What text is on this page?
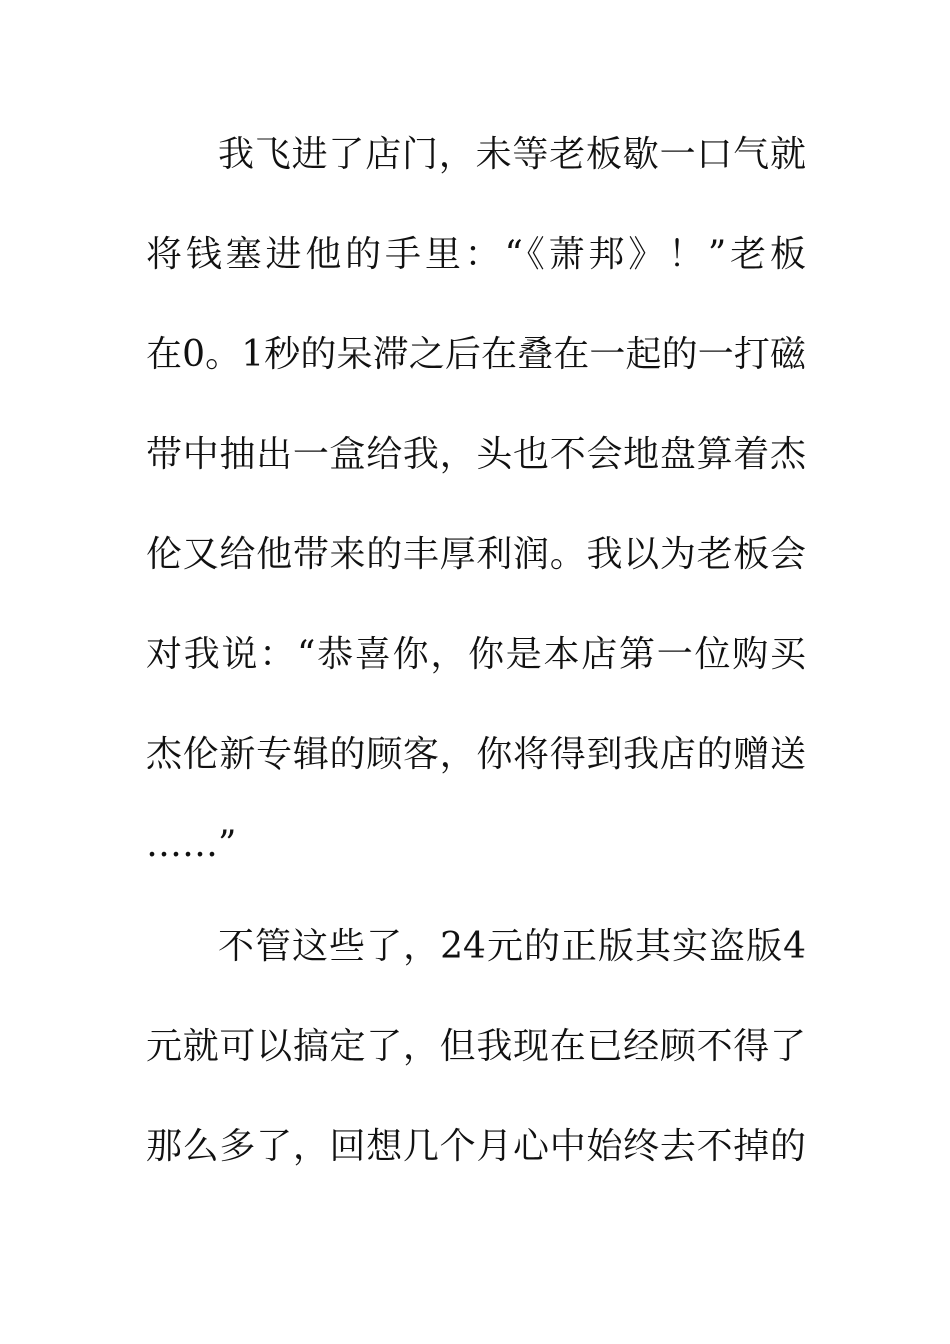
我飞进了店门，未等老板歇一口气就
将钱塞进他的手里：“《萧邦》！”老板
在0。1秒的呆滞之后在叠在一起的一打磁
带中抽出一盒给我，头也不会地盘算着杰
伦又给他带来的丰厚利润。我以为老板会
对我说：“恭喜你，你是本店第一位购买
杰伦新专辑的顾客，你将得到我店的赠送
……”
不管这些了，24元的正版其实盗版4
元就可以搞定了，但我现在已经顾不得了
那么多了，回想几个月心中始终去不掉的
